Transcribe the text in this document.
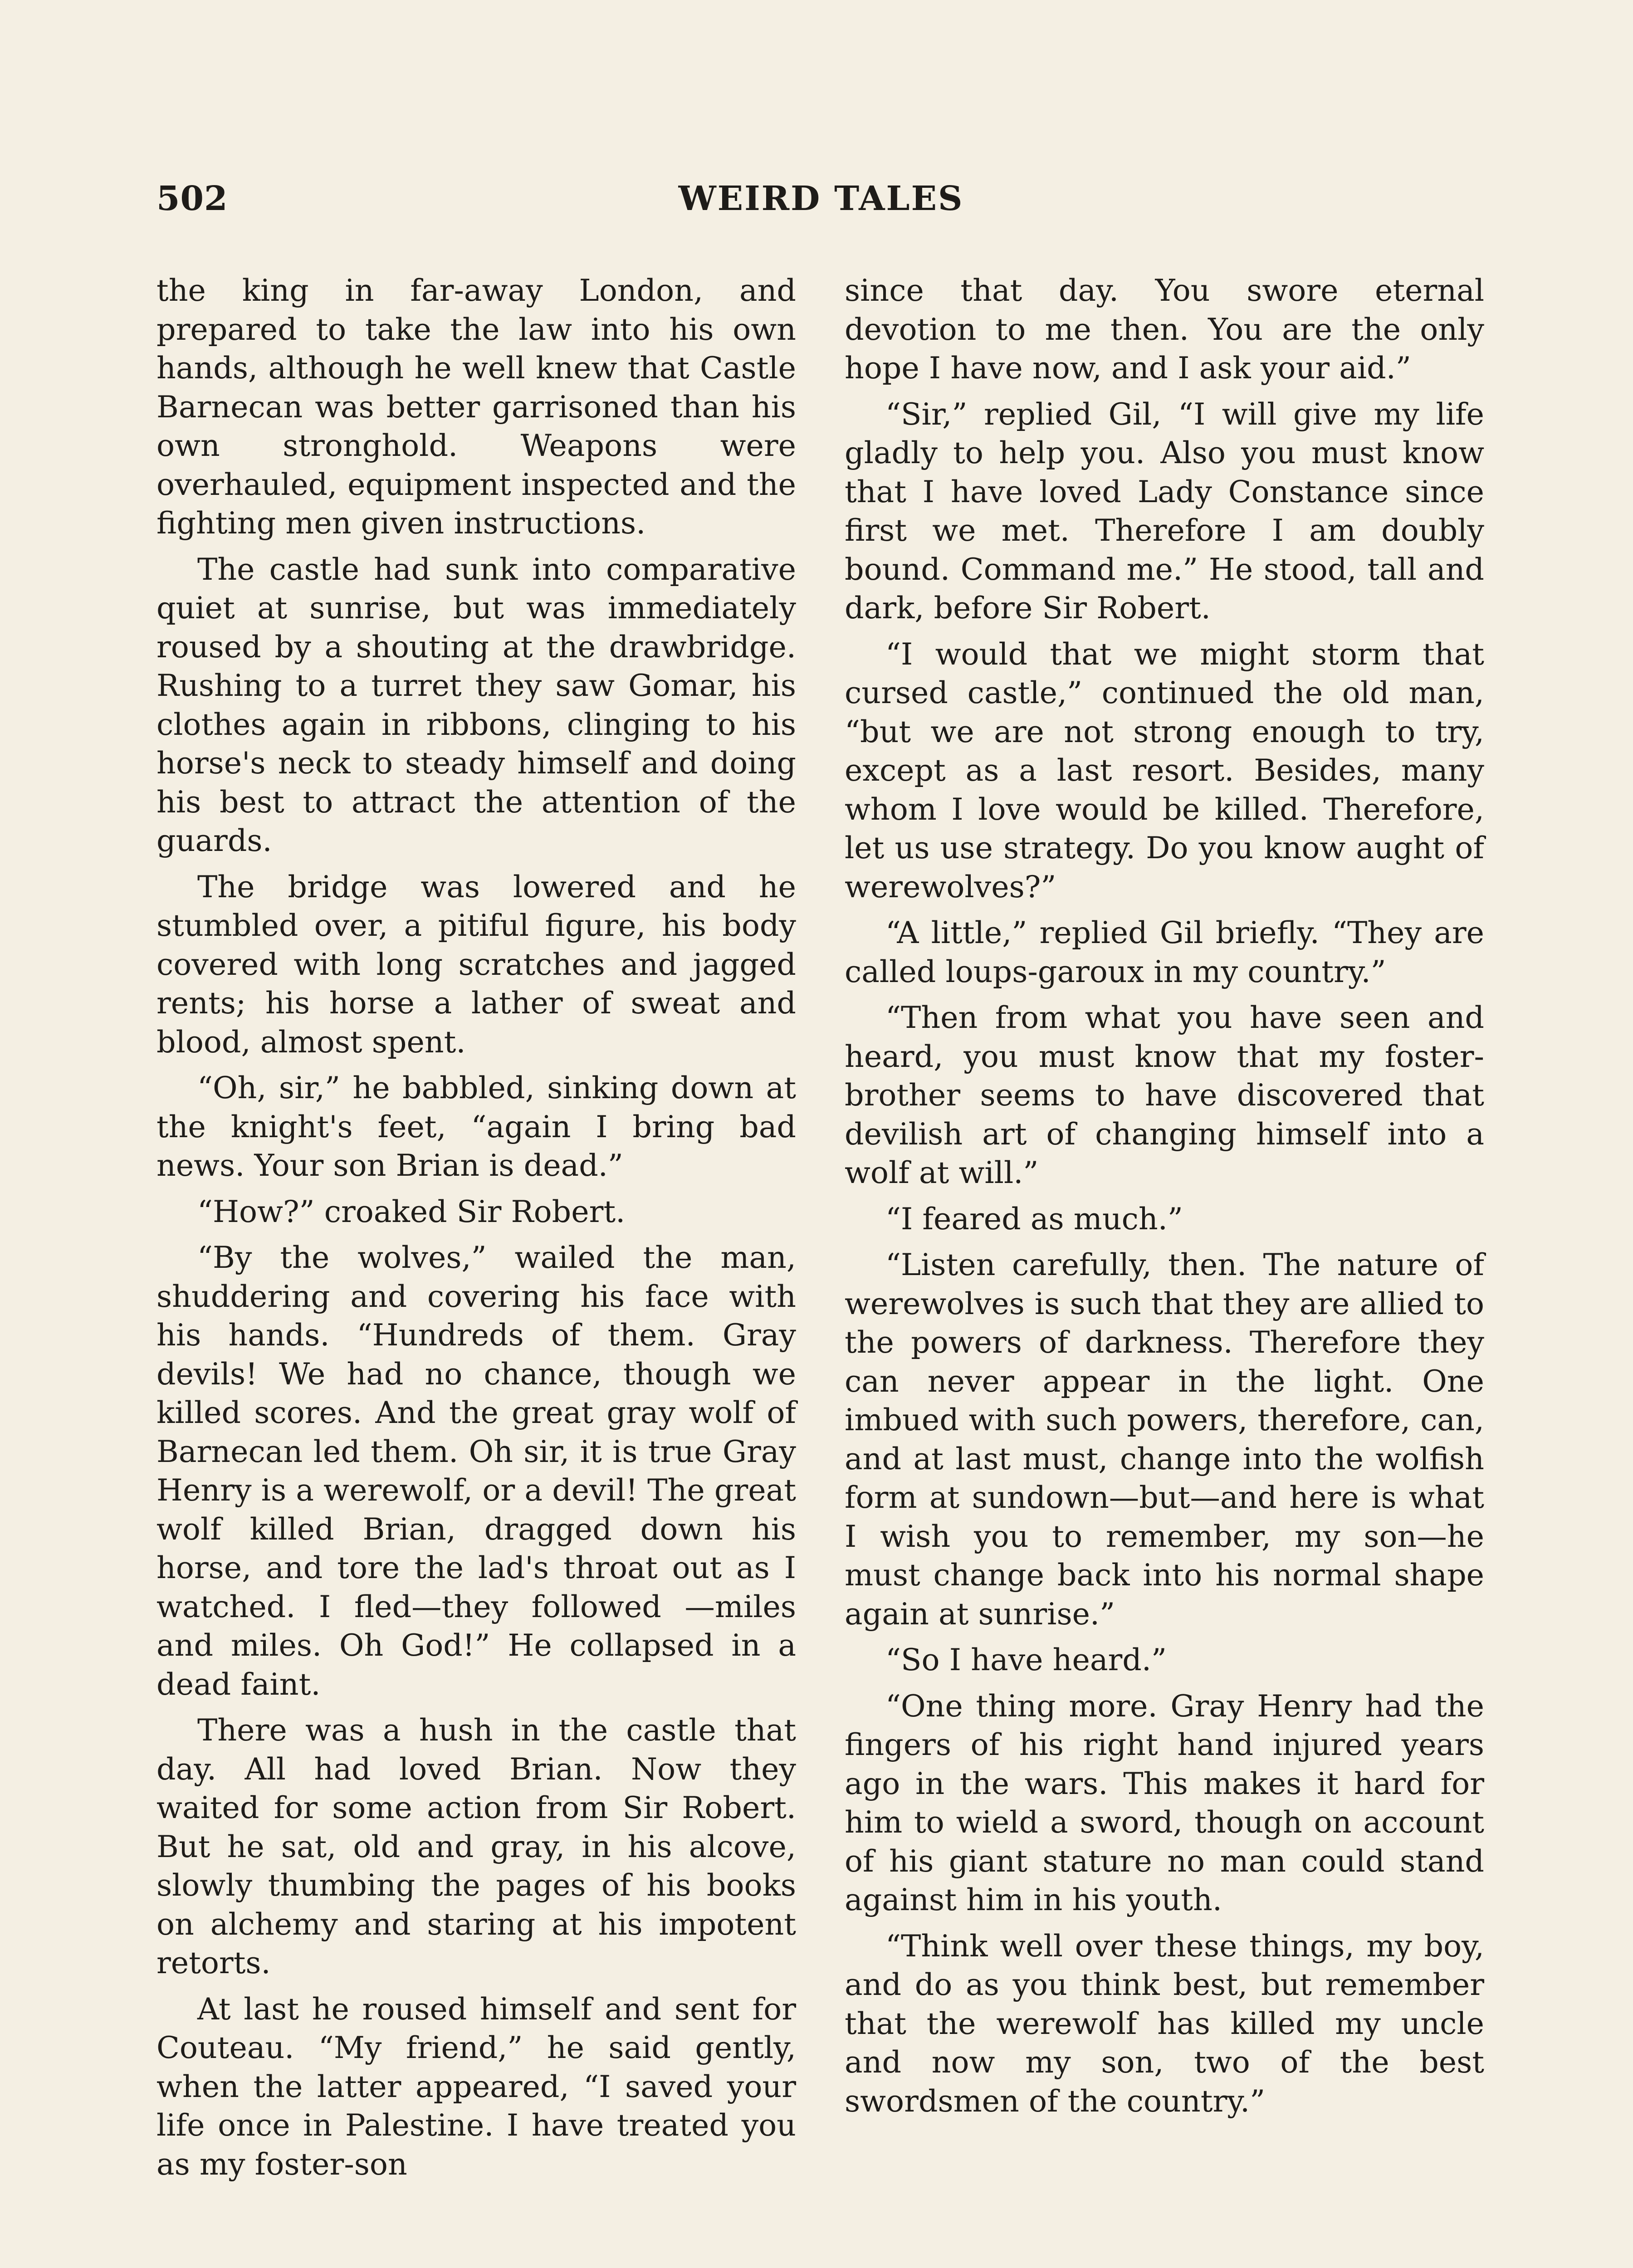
502	WEIRD TALES

the king in far-away London, and prepared to take the law into his own hands, although he well knew that Castle Barnecan was better garrisoned than his own stronghold. Weapons were overhauled, equipment inspected and the fighting men given instructions.

The castle had sunk into comparative quiet at sunrise, but was immediately roused by a shouting at the drawbridge. Rushing to a turret they saw Gomar, his clothes again in ribbons, clinging to his horse's neck to steady himself and doing his best to attract the attention of the guards.

The bridge was lowered and he stumbled over, a pitiful figure, his body covered with long scratches and jagged rents; his horse a lather of sweat and blood, almost spent.

“Oh, sir,” he babbled, sinking down at the knight's feet, “again I bring bad news. Your son Brian is dead.”

“How?” croaked Sir Robert.

“By the wolves,” wailed the man, shuddering and covering his face with his hands. “Hundreds of them. Gray devils! We had no chance, though we killed scores. And the great gray wolf of Barnecan led them. Oh sir, it is true Gray Henry is a werewolf, or a devil! The great wolf killed Brian, dragged down his horse, and tore the lad's throat out as I watched. I fled—they followed —miles and miles. Oh God!” He collapsed in a dead faint.

There was a hush in the castle that day. All had loved Brian. Now they waited for some action from Sir Robert. But he sat, old and gray, in his alcove, slowly thumbing the pages of his books on alchemy and staring at his impotent retorts.

At last he roused himself and sent for Couteau. “My friend,” he said gently, when the latter appeared, “I saved your life once in Palestine. I have treated you as my foster-son

since that day. You swore eternal devotion to me then. You are the only hope I have now, and I ask your aid.”

“Sir,” replied Gil, “I will give my life gladly to help you. Also you must know that I have loved Lady Constance since first we met. Therefore I am doubly bound. Command me.” He stood, tall and dark, before Sir Robert.

“I would that we might storm that cursed castle,” continued the old man, “but we are not strong enough to try, except as a last resort. Besides, many whom I love would be killed. Therefore, let us use strategy. Do you know aught of werewolves?”

“A little,” replied Gil briefly. “They are called loups-garoux in my country.”

“Then from what you have seen and heard, you must know that my foster-brother seems to have discovered that devilish art of changing himself into a wolf at will.”

“I feared as much.”

“Listen carefully, then. The nature of werewolves is such that they are allied to the powers of darkness. Therefore they can never appear in the light. One imbued with such powers, therefore, can, and at last must, change into the wolfish form at sundown—but—and here is what I wish you to remember, my son—he must change back into his normal shape again at sunrise.”

“So I have heard.”

“One thing more. Gray Henry had the fingers of his right hand injured years ago in the wars. This makes it hard for him to wield a sword, though on account of his giant stature no man could stand against him in his youth.

“Think well over these things, my boy, and do as you think best, but remember that the werewolf has killed my uncle and now my son, two of the best swordsmen of the country.”
